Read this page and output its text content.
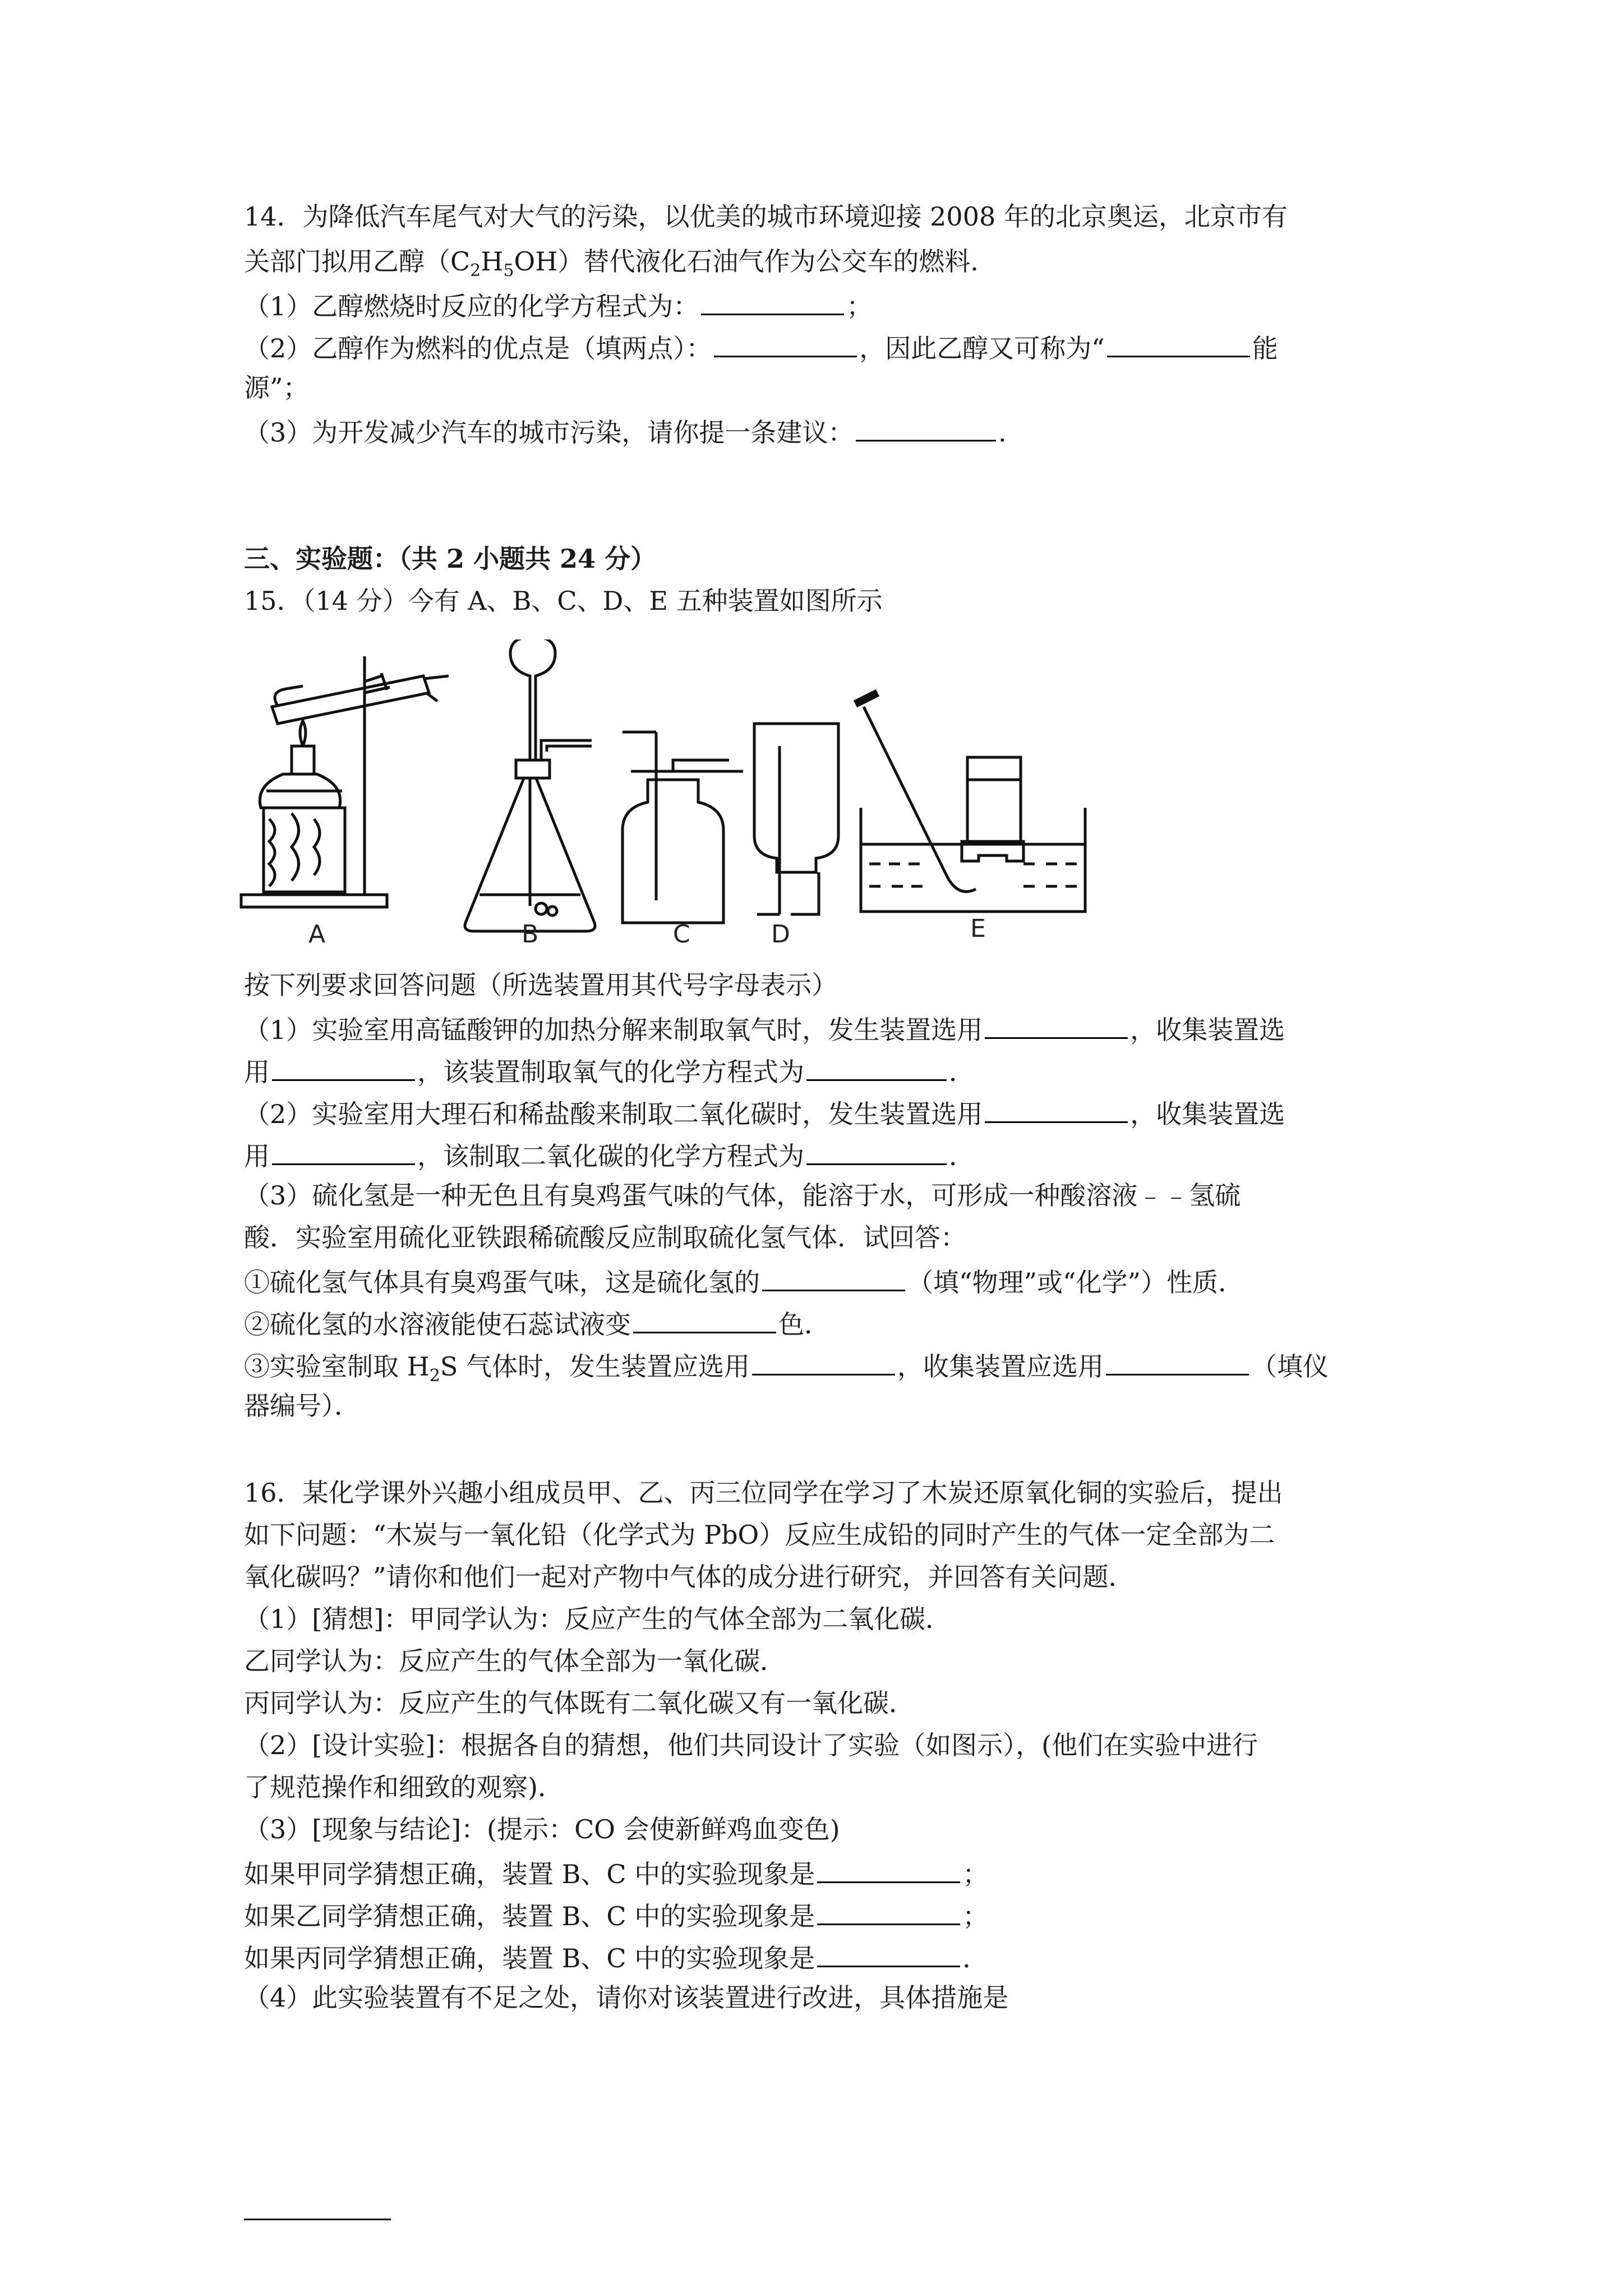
14．为降低汽车尾气对大气的污染，以优美的城市环境迎接 2008 年的北京奥运，北京市有
关部门拟用乙醇$(C_2H_5OH)$替代液化石油气作为公交车的燃料．
（1）乙醇燃烧时反应的化学方程式为：	；
（2）乙醇作为燃料的优点是（填两点）：	，因此乙醇又可称为“	能
源”；
（3）为开发减少汽车的城市污染，请你提一条建议：	．
三、实验题：（共 2 小题共 24 分）
15．（14 分）今有 A、B、C、D、E 五种装置如图所示
A	B	C	D	E
按下列要求回答问题（所选装置用其代号字母表示）
（1）实验室用高锰酸钾的加热分解来制取氧气时，发生装置选用	，收集装置选
用	，该装置制取氧气的化学方程式为	．
（2）实验室用大理石和稀盐酸来制取二氧化碳时，发生装置选用	，收集装置选
用	，该制取二氧化碳的化学方程式为	．
（3）硫化氢是一种无色且有臭鸡蛋气味的气体，能溶于水，可形成一种酸溶液﹣﹣氢硫
酸．实验室用硫化亚铁跟稀硫酸反应制取硫化氢气体．试回答：
①硫化氢气体具有臭鸡蛋气味，这是硫化氢的	（填“物理”或“化学”）性质．
②硫化氢的水溶液能使石蕊试液变	色．
③实验室制取 $H_2S$ 气体时，发生装置应选用	，收集装置应选用	（填仪
器编号）．
16．某化学课外兴趣小组成员甲、乙、丙三位同学在学习了木炭还原氧化铜的实验后，提出
如下问题：“木炭与一氧化铅（化学式为 PbO）反应生成铅的同时产生的气体一定全部为二
氧化碳吗？”请你和他们一起对产物中气体的成分进行研究，并回答有关问题．
（1）[猜想]：甲同学认为：反应产生的气体全部为二氧化碳．
乙同学认为：反应产生的气体全部为一氧化碳．
丙同学认为：反应产生的气体既有二氧化碳又有一氧化碳．
（2）[设计实验]：根据各自的猜想，他们共同设计了实验（如图示），(他们在实验中进行
了规范操作和细致的观察)．
（3）[现象与结论]：(提示：CO 会使新鲜鸡血变色)
如果甲同学猜想正确，装置 B、C 中的实验现象是	；
如果乙同学猜想正确，装置 B、C 中的实验现象是	；
如果丙同学猜想正确，装置 B、C 中的实验现象是	．
（4）此实验装置有不足之处，请你对该装置进行改进，具体措施是
